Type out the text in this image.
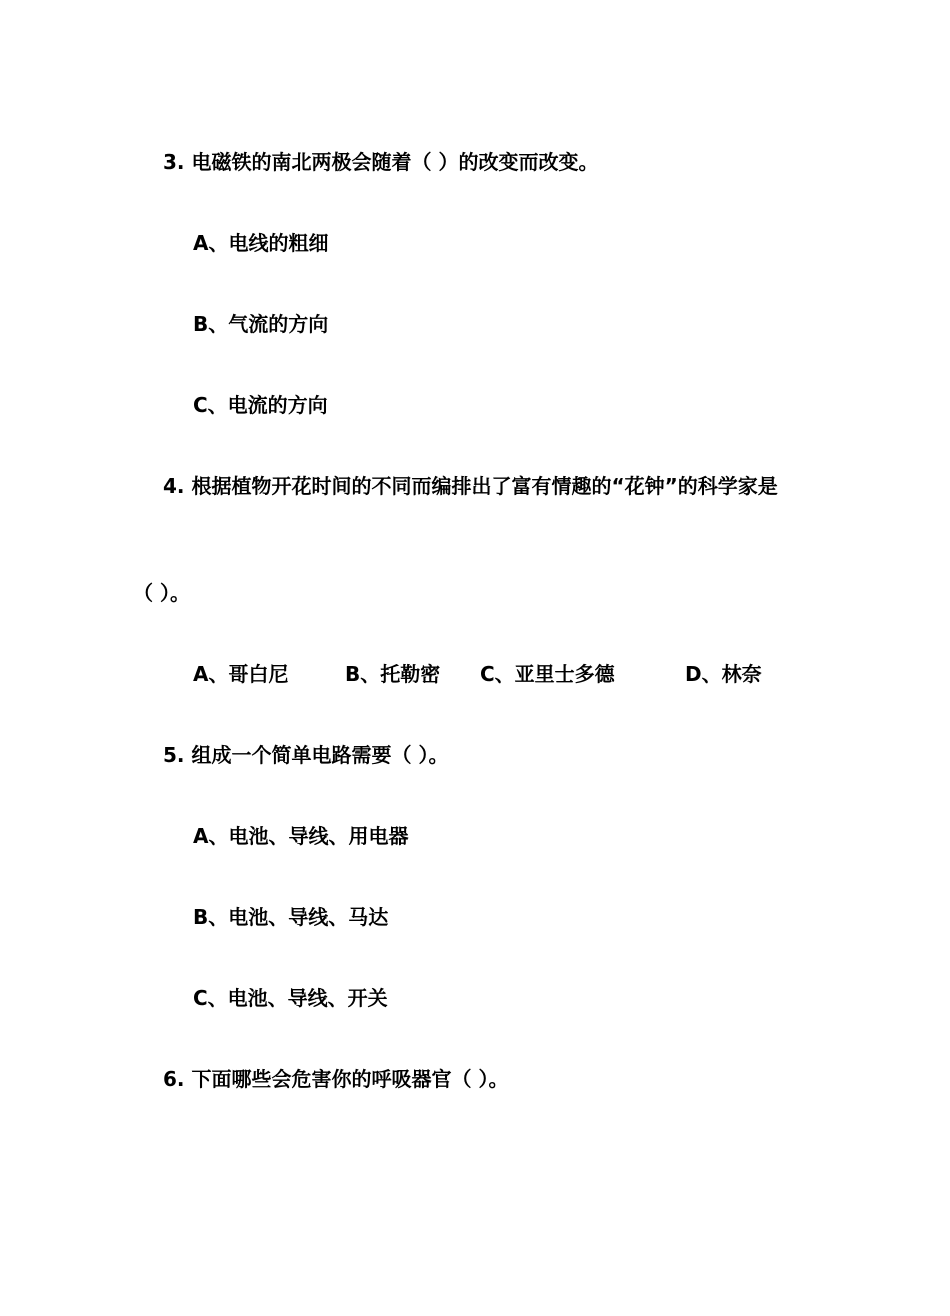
3. 电磁铁的南北两极会随着（ ）的改变而改变。
A、电线的粗细
B、气流的方向
C、电流的方向
4. 根据植物开花时间的不同而编排出了富有情趣的“花钟”的科学家是
（ ）。
A、哥白尼	B、托勒密 C、亚里士多德	D、林奈
5. 组成一个简单电路需要（ ）。
A、电池、导线、用电器
B、电池、导线、马达
C、电池、导线、开关
6. 下面哪些会危害你的呼吸器官（ ）。
